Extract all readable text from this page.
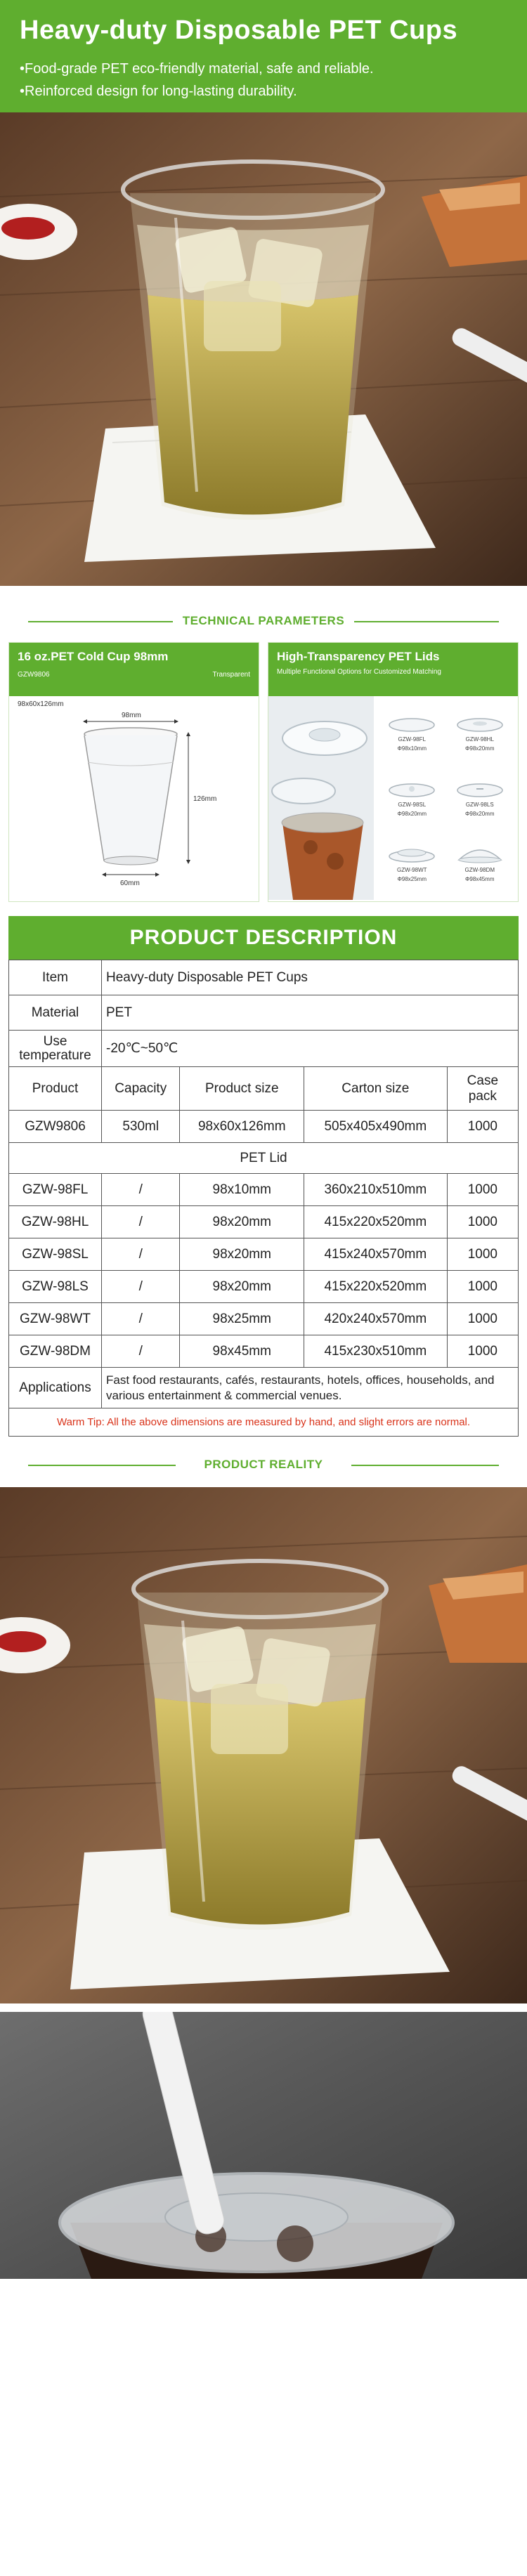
Heavy-duty Disposable PET Cups
• Food-grade PET eco-friendly material, safe and reliable.
• Reinforced design for long-lasting durability.
TECHNICAL PARAMETERS
16 oz.PET Cold Cup 98mm
GZW9806	Transparent
98x60x126mm
98mm
126mm
60mm
High-Transparency PET Lids
Multiple Functional Options for Customized Matching
GZW-98FL
Φ98x10mm
GZW-98HL
Φ98x20mm
GZW-98SL
Φ98x20mm
GZW-98LS
Φ98x20mm
GZW-98WT
Φ98x25mm
GZW-98DM
Φ98x45mm
PRODUCT DESCRIPTION
Item	Heavy-duty Disposable PET Cups			
Material	PET			
Use temperature	-20℃~50℃			
Product	Capacity	Product size	Carton size	Case pack
GZW9806	530ml	98x60x126mm	505x405x490mm	1000
PET Lid				
GZW-98FL	/	98x10mm	360x210x510mm	1000
GZW-98HL	/	98x20mm	415x220x520mm	1000
GZW-98SL	/	98x20mm	415x240x570mm	1000
GZW-98LS	/	98x20mm	415x220x520mm	1000
GZW-98WT	/	98x25mm	420x240x570mm	1000
GZW-98DM	/	98x45mm	415x230x510mm	1000
Applications	Fast food restaurants, cafés, restaurants, hotels, offices, households, and various entertainment & commercial venues.			
Warm Tip: All the above dimensions are measured by hand, and slight errors are normal.
PRODUCT REALITY
